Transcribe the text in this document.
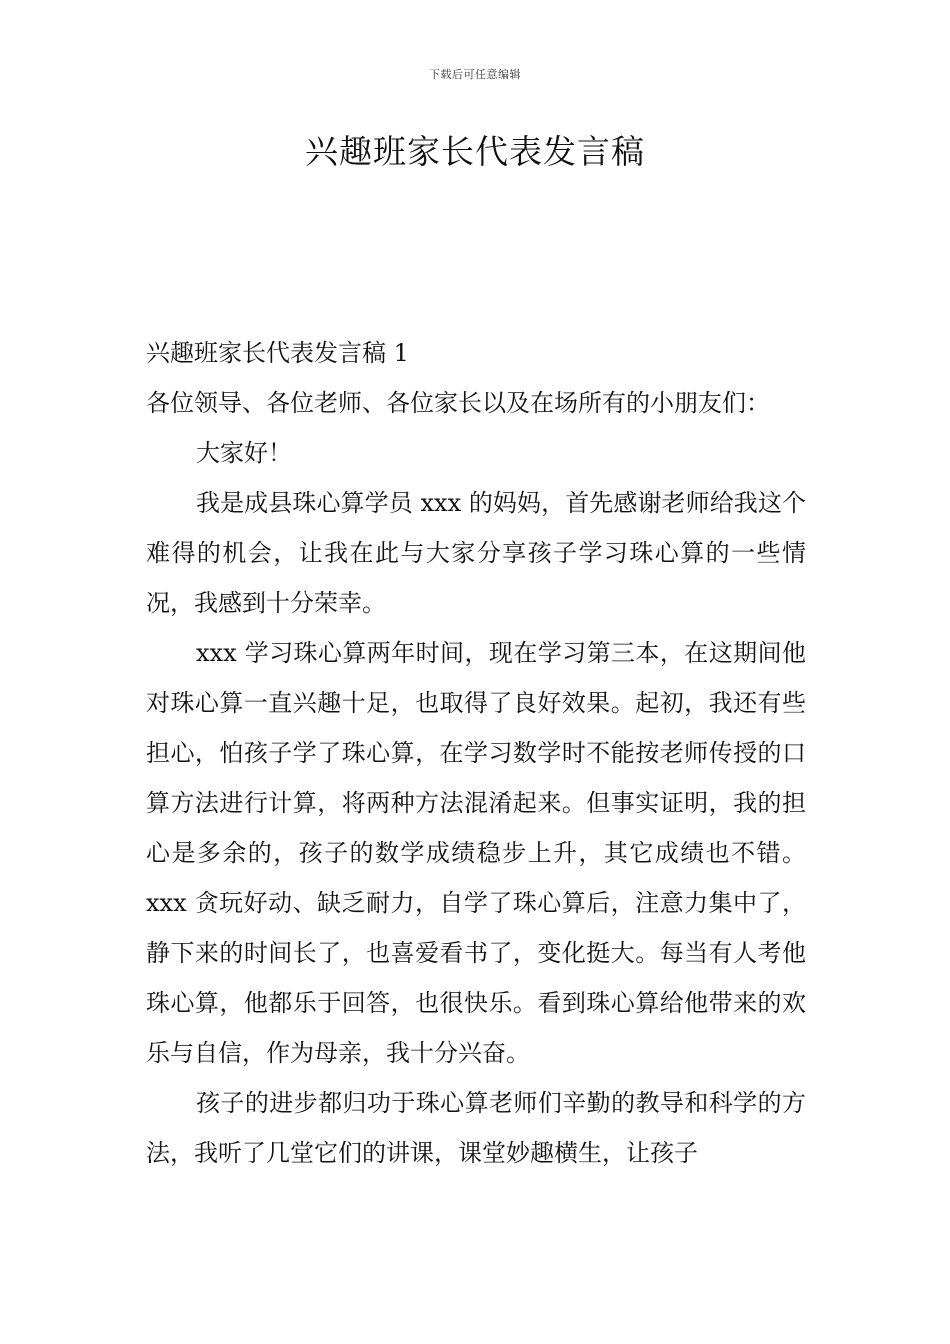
下载后可任意编辑
兴趣班家长代表发言稿

兴趣班家长代表发言稿 1

各位领导、各位老师、各位家长以及在场所有的小朋友们：

大家好！

我是成县珠心算学员 xxx 的妈妈，首先感谢老师给我这个难得的机会，让我在此与大家分享孩子学习珠心算的一些情况，我感到十分荣幸。

xxx 学习珠心算两年时间，现在学习第三本，在这期间他对珠心算一直兴趣十足，也取得了良好效果。起初，我还有些担心，怕孩子学了珠心算，在学习数学时不能按老师传授的口算方法进行计算，将两种方法混淆起来。但事实证明，我的担心是多余的，孩子的数学成绩稳步上升，其它成绩也不错。xxx 贪玩好动、缺乏耐力，自学了珠心算后，注意力集中了，静下来的时间长了，也喜爱看书了，变化挺大。每当有人考他珠心算，他都乐于回答，也很快乐。看到珠心算给他带来的欢乐与自信，作为母亲，我十分兴奋。

孩子的进步都归功于珠心算老师们辛勤的教导和科学的方法，我听了几堂它们的讲课，课堂妙趣横生，让孩子
